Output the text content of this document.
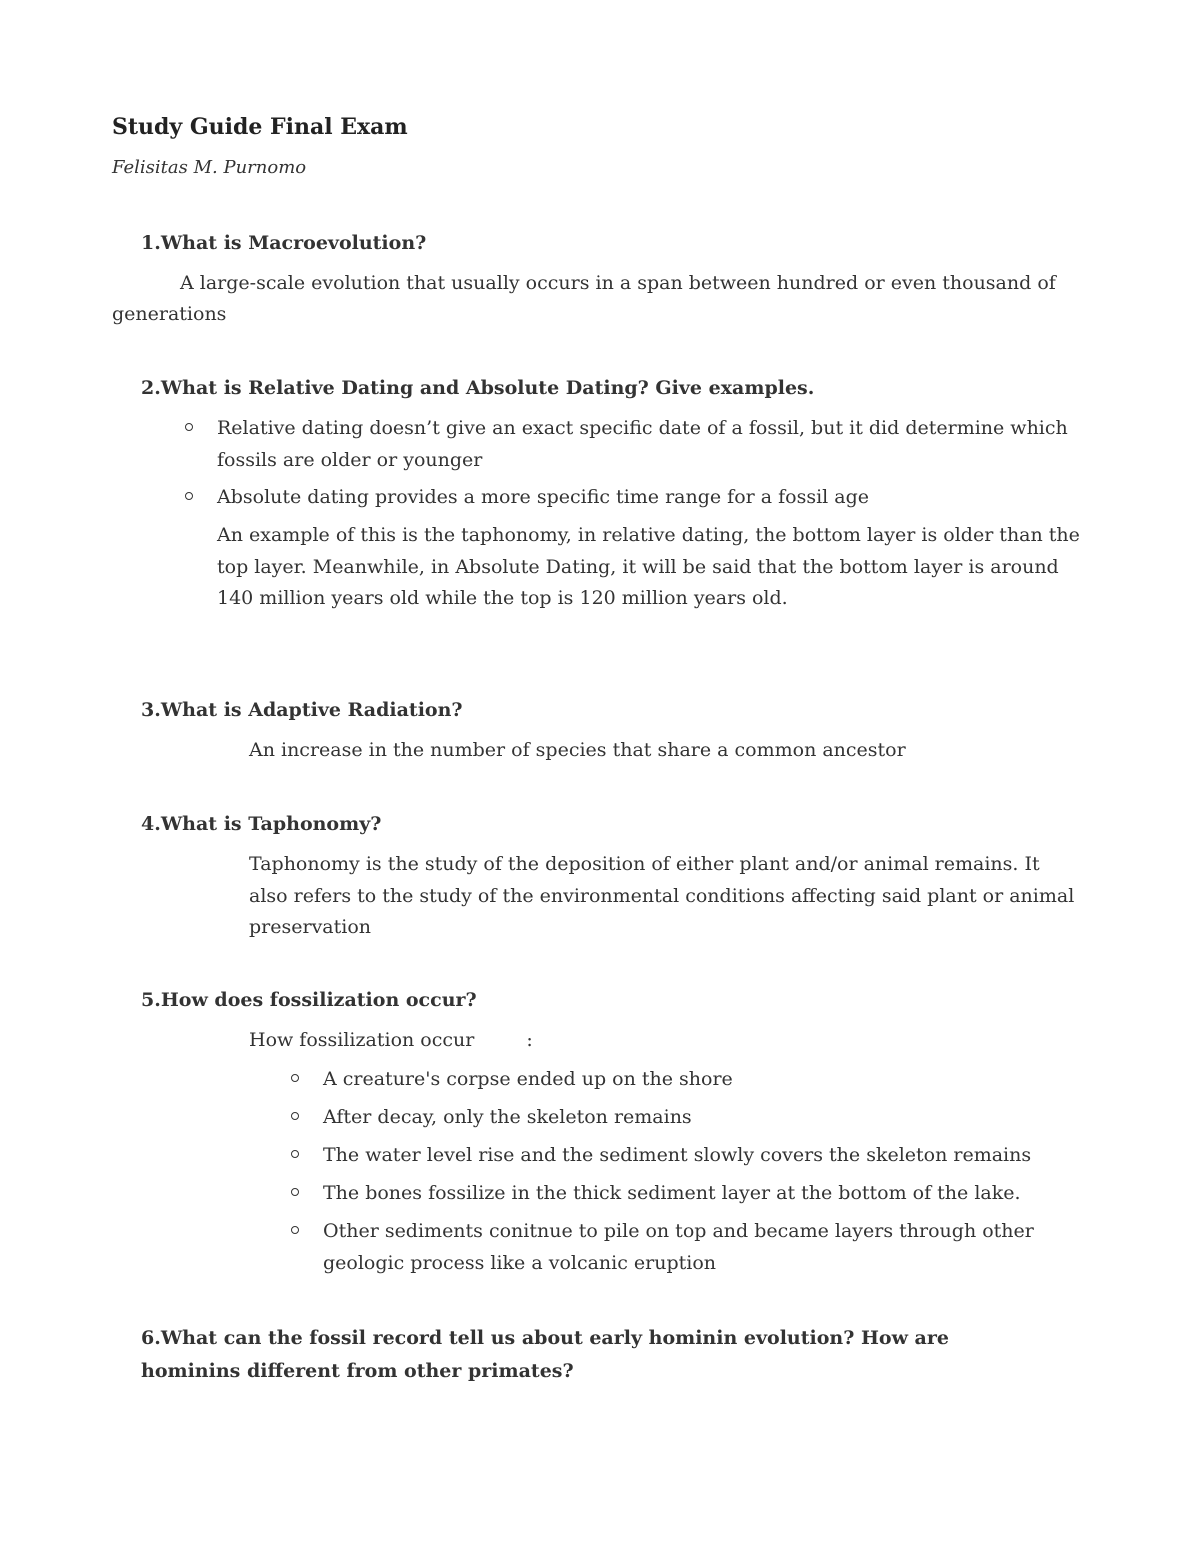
Study Guide Final Exam
Felisitas M. Purnomo
1.What is Macroevolution?
A large-scale evolution that usually occurs in a span between hundred or even thousand of
generations
2.What is Relative Dating and Absolute Dating? Give examples.
Relative dating doesn’t give an exact specific date of a fossil, but it did determine which fossils are older or younger
Absolute dating provides a more specific time range for a fossil age
An example of this is the taphonomy, in relative dating, the bottom layer is older than the top layer. Meanwhile, in Absolute Dating, it will be said that the bottom layer is around 140 million years old while the top is 120 million years old.
3.What is Adaptive Radiation?
An increase in the number of species that share a common ancestor
4.What is Taphonomy?
Taphonomy is the study of the deposition of either plant and/or animal remains. It also refers to the study of the environmental conditions affecting said plant or animal preservation
5.How does fossilization occur?
How fossilization occur	:
A creature's corpse ended up on the shore
After decay, only the skeleton remains
The water level rise and the sediment slowly covers the skeleton remains
The bones fossilize in the thick sediment layer at the bottom of the lake.
Other sediments conitnue to pile on top and became layers through other geologic process like a volcanic eruption
6.What can the fossil record tell us about early hominin evolution? How are hominins different from other primates?
